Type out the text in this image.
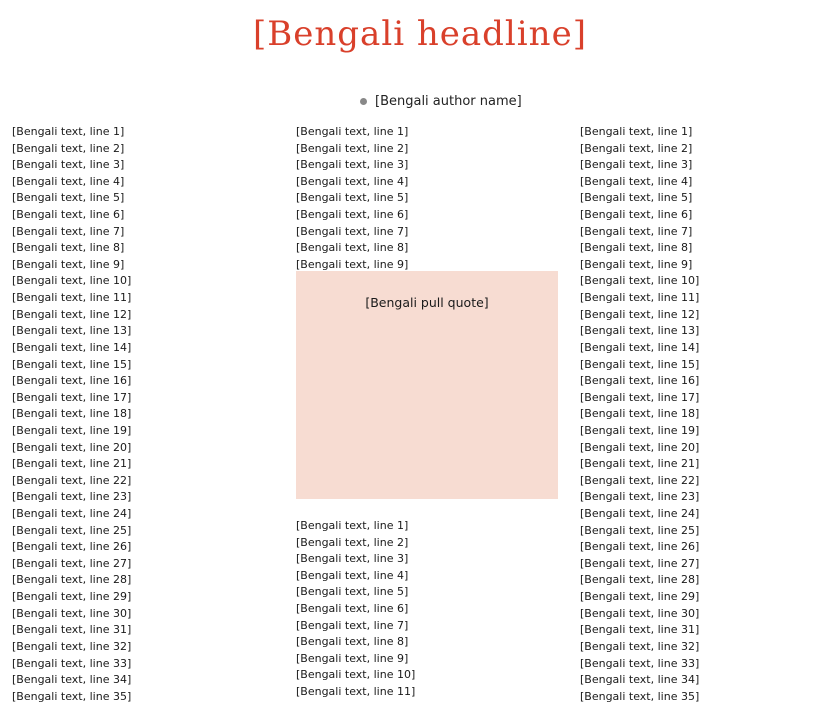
[Bengali headline]
[Bengali author name]

[Bengali text, line 1]

[Bengali text, line 2]

[Bengali text, line 3]

[Bengali text, line 4]

[Bengali text, line 5]

[Bengali text, line 6]

[Bengali text, line 7]

[Bengali text, line 8]

[Bengali text, line 9]

[Bengali text, line 10]

[Bengali text, line 11]

[Bengali text, line 12]

[Bengali text, line 13]

[Bengali text, line 14]

[Bengali text, line 15]

[Bengali text, line 16]

[Bengali text, line 17]

[Bengali text, line 18]

[Bengali text, line 19]

[Bengali text, line 20]

[Bengali text, line 21]

[Bengali text, line 22]

[Bengali text, line 23]

[Bengali text, line 24]

[Bengali text, line 25]

[Bengali text, line 26]

[Bengali text, line 27]

[Bengali text, line 28]

[Bengali text, line 29]

[Bengali text, line 30]

[Bengali text, line 31]

[Bengali text, line 32]

[Bengali text, line 33]

[Bengali text, line 34]

[Bengali text, line 35]

[Bengali text, line 1]

[Bengali text, line 2]

[Bengali text, line 3]

[Bengali text, line 4]

[Bengali text, line 5]

[Bengali text, line 6]

[Bengali text, line 7]

[Bengali text, line 8]

[Bengali text, line 9]

[Bengali pull quote]

[Bengali text, line 1]

[Bengali text, line 2]

[Bengali text, line 3]

[Bengali text, line 4]

[Bengali text, line 5]

[Bengali text, line 6]

[Bengali text, line 7]

[Bengali text, line 8]

[Bengali text, line 9]

[Bengali text, line 10]

[Bengali text, line 11]

[Bengali text, line 1]

[Bengali text, line 2]

[Bengali text, line 3]

[Bengali text, line 4]

[Bengali text, line 5]

[Bengali text, line 6]

[Bengali text, line 7]

[Bengali text, line 8]

[Bengali text, line 9]

[Bengali text, line 10]

[Bengali text, line 11]

[Bengali text, line 12]

[Bengali text, line 13]

[Bengali text, line 14]

[Bengali text, line 15]

[Bengali text, line 16]

[Bengali text, line 17]

[Bengali text, line 18]

[Bengali text, line 19]

[Bengali text, line 20]

[Bengali text, line 21]

[Bengali text, line 22]

[Bengali text, line 23]

[Bengali text, line 24]

[Bengali text, line 25]

[Bengali text, line 26]

[Bengali text, line 27]

[Bengali text, line 28]

[Bengali text, line 29]

[Bengali text, line 30]

[Bengali text, line 31]

[Bengali text, line 32]

[Bengali text, line 33]

[Bengali text, line 34]

[Bengali text, line 35]
